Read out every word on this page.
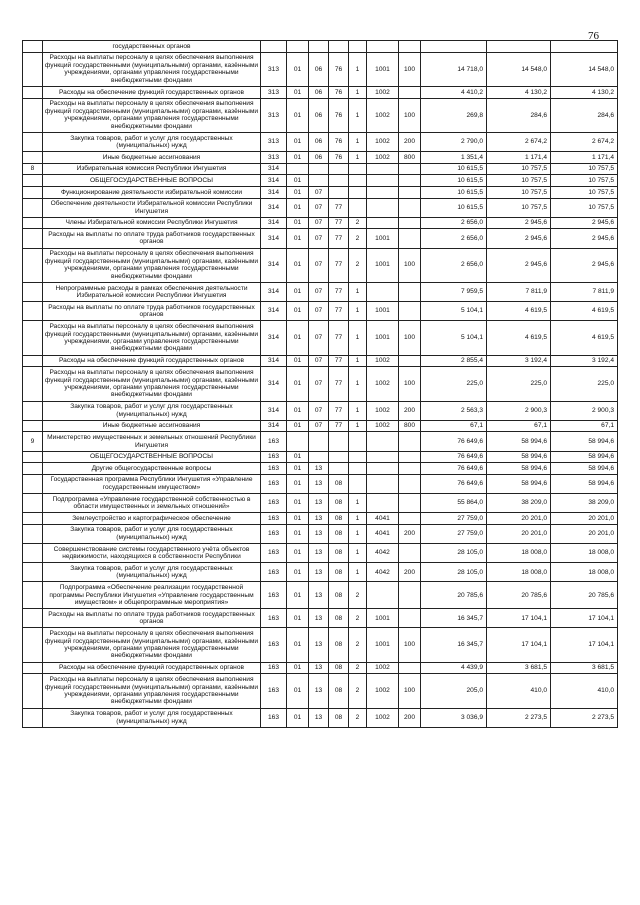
76
	государственных органов										
	Расходы на выплаты персоналу в целях обеспечения выполнения функций государственными (муниципальными) органами, казёнными учреждениями, органами управления государственными внебюджетными фондами	313	01	06	76	1	1001	100	14 718,0	14 548,0	14 548,0
	Расходы на обеспечение функций государственных органов	313	01	06	76	1	1002		4 410,2	4 130,2	4 130,2
	Расходы на выплаты персоналу в целях обеспечения выполнения функций государственными (муниципальными) органами, казёнными учреждениями, органами управления государственными внебюджетными фондами	313	01	06	76	1	1002	100	269,8	284,6	284,6
	Закупка товаров, работ и услуг для государственных (муниципальных) нужд	313	01	06	76	1	1002	200	2 790,0	2 674,2	2 674,2
	Иные бюджетные ассигнования	313	01	06	76	1	1002	800	1 351,4	1 171,4	1 171,4
8	Избирательная комиссия Республики Ингушетия	314							10 615,5	10 757,5	10 757,5
	ОБЩЕГОСУДАРСТВЕННЫЕ ВОПРОСЫ	314	01						10 615,5	10 757,5	10 757,5
	Функционирование деятельности избирательной комиссии	314	01	07					10 615,5	10 757,5	10 757,5
	Обеспечение деятельности Избирательной комиссии Республики Ингушетия	314	01	07	77				10 615,5	10 757,5	10 757,5
	Члены Избирательной комиссии Республики Ингушетия	314	01	07	77	2			2 656,0	2 945,6	2 945,6
	Расходы на выплаты по оплате труда работников государственных органов	314	01	07	77	2	1001		2 656,0	2 945,6	2 945,6
	Расходы на выплаты персоналу в целях обеспечения выполнения функций государственными (муниципальными) органами, казёнными учреждениями, органами управления государственными внебюджетными фондами	314	01	07	77	2	1001	100	2 656,0	2 945,6	2 945,6
	Непрограммные расходы в рамках обеспечения деятельности Избирательной комиссии Республики Ингушетия	314	01	07	77	1			7 959,5	7 811,9	7 811,9
	Расходы на выплаты по оплате труда работников государственных органов	314	01	07	77	1	1001		5 104,1	4 619,5	4 619,5
	Расходы на выплаты персоналу в целях обеспечения выполнения функций государственными (муниципальными) органами, казёнными учреждениями, органами управления государственными внебюджетными фондами	314	01	07	77	1	1001	100	5 104,1	4 619,5	4 619,5
	Расходы на обеспечение функций государственных органов	314	01	07	77	1	1002		2 855,4	3 192,4	3 192,4
	Расходы на выплаты персоналу в целях обеспечения выполнения функций государственными (муниципальными) органами, казёнными учреждениями, органами управления государственными внебюджетными фондами	314	01	07	77	1	1002	100	225,0	225,0	225,0
	Закупка товаров, работ и услуг для государственных (муниципальных) нужд	314	01	07	77	1	1002	200	2 563,3	2 900,3	2 900,3
	Иные бюджетные ассигнования	314	01	07	77	1	1002	800	67,1	67,1	67,1
9	Министерство имущественных и земельных отношений Республики Ингушетия	163							76 649,6	58 994,6	58 994,6
	ОБЩЕГОСУДАРСТВЕННЫЕ ВОПРОСЫ	163	01						76 649,6	58 994,6	58 994,6
	Другие общегосударственные вопросы	163	01	13					76 649,6	58 994,6	58 994,6
	Государственная программа Республики Ингушетия «Управление государственным имуществом»	163	01	13	08				76 649,6	58 994,6	58 994,6
	Подпрограмма «Управление государственной собственностью в области имущественных и земельных отношений»	163	01	13	08	1			55 864,0	38 209,0	38 209,0
	Землеустройство и картографическое обеспечение	163	01	13	08	1	4041		27 759,0	20 201,0	20 201,0
	Закупка товаров, работ и услуг для государственных (муниципальных) нужд	163	01	13	08	1	4041	200	27 759,0	20 201,0	20 201,0
	Совершенствование системы государственного учёта объектов недвижимости, находящихся в собственности Республики	163	01	13	08	1	4042		28 105,0	18 008,0	18 008,0
	Закупка товаров, работ и услуг для государственных (муниципальных) нужд	163	01	13	08	1	4042	200	28 105,0	18 008,0	18 008,0
	Подпрограмма «Обеспечение реализации государственной программы Республики Ингушетия «Управление государственным имуществом» и общепрограммные мероприятия»	163	01	13	08	2			20 785,6	20 785,6	20 785,6
	Расходы на выплаты по оплате труда работников государственных органов	163	01	13	08	2	1001		16 345,7	17 104,1	17 104,1
	Расходы на выплаты персоналу в целях обеспечения выполнения функций государственными (муниципальными) органами, казёнными учреждениями, органами управления государственными внебюджетными фондами	163	01	13	08	2	1001	100	16 345,7	17 104,1	17 104,1
	Расходы на обеспечение функций государственных органов	163	01	13	08	2	1002		4 439,9	3 681,5	3 681,5
	Расходы на выплаты персоналу в целях обеспечения выполнения функций государственными (муниципальными) органами, казёнными учреждениями, органами управления государственными внебюджетными фондами	163	01	13	08	2	1002	100	205,0	410,0	410,0
	Закупка товаров, работ и услуг для государственных (муниципальных) нужд	163	01	13	08	2	1002	200	3 036,9	2 273,5	2 273,5
